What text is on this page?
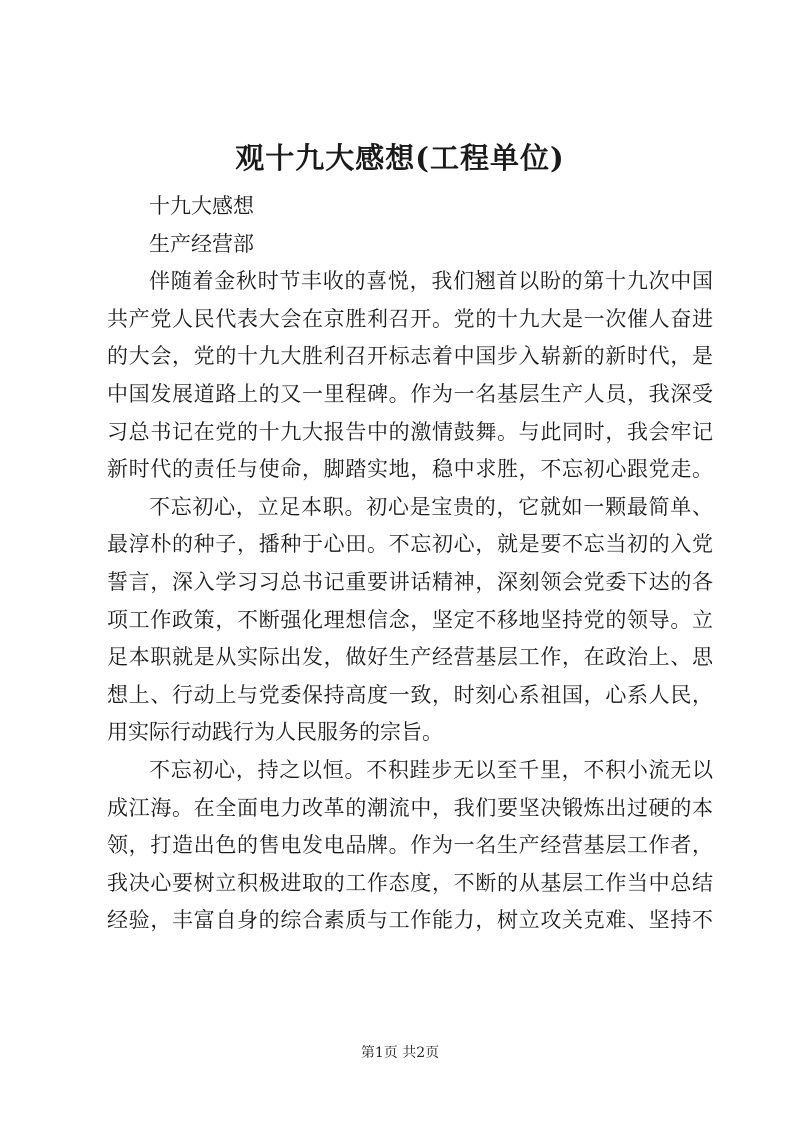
观十九大感想(工程单位)
十九大感想
生产经营部
伴随着金秋时节丰收的喜悦，我们翘首以盼的第十九次中国
共产党人民代表大会在京胜利召开。党的十九大是一次催人奋进
的大会，党的十九大胜利召开标志着中国步入崭新的新时代，是
中国发展道路上的又一里程碑。作为一名基层生产人员，我深受
习总书记在党的十九大报告中的激情鼓舞。与此同时，我会牢记
新时代的责任与使命，脚踏实地，稳中求胜，不忘初心跟党走。
不忘初心，立足本职。初心是宝贵的，它就如一颗最简单、
最淳朴的种子，播种于心田。不忘初心，就是要不忘当初的入党
誓言，深入学习习总书记重要讲话精神，深刻领会党委下达的各
项工作政策，不断强化理想信念，坚定不移地坚持党的领导。立
足本职就是从实际出发，做好生产经营基层工作，在政治上、思
想上、行动上与党委保持高度一致，时刻心系祖国，心系人民，
用实际行动践行为人民服务的宗旨。
不忘初心，持之以恒。不积跬步无以至千里，不积小流无以
成江海。在全面电力改革的潮流中，我们要坚决锻炼出过硬的本
领，打造出色的售电发电品牌。作为一名生产经营基层工作者，
我决心要树立积极进取的工作态度，不断的从基层工作当中总结
经验，丰富自身的综合素质与工作能力，树立攻关克难、坚持不
第1页 共2页
